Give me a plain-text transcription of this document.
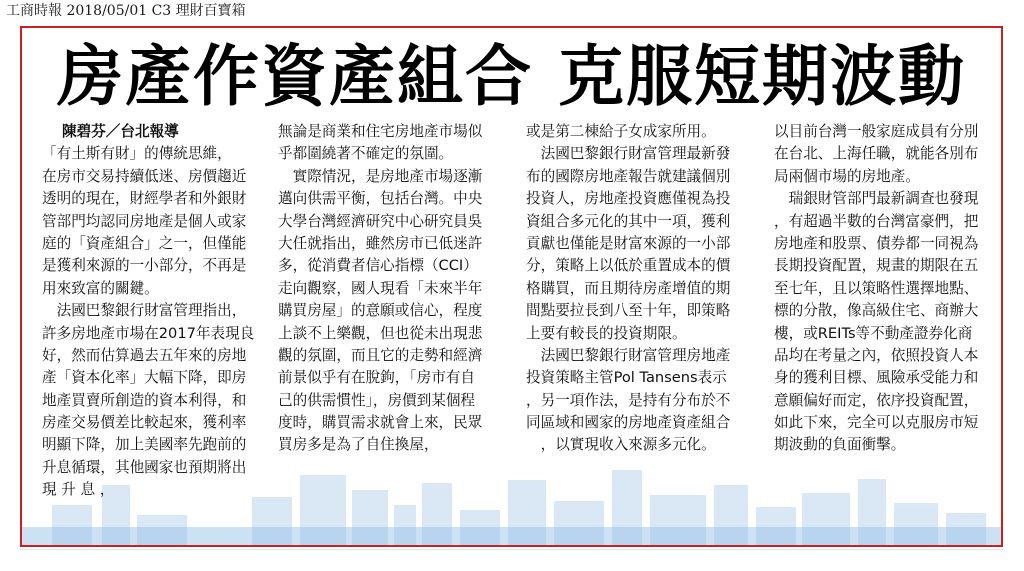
工商時報 2018/05/01 C3 理財百寶箱
房產作資產組合 克服短期波動
陳碧芬／台北報導
「有土斯有財」的傳統思維，
在房市交易持續低迷、房價趨近
透明的現在，財經學者和外銀財
管部門均認同房地產是個人或家
庭的「資產組合」之一，但僅能
是獲利來源的一小部分，不再是
用來致富的關鍵。
　法國巴黎銀行財富管理指出，
許多房地產市場在2017年表現良
好，然而估算過去五年來的房地
產「資本化率」大幅下降，即房
地產買賣所創造的資本利得，和
房產交易價差比較起來，獲利率
明顯下降，加上美國率先跑前的
升息循環，其他國家也預期將出
現 升 息 ，
無論是商業和住宅房地產市場似
乎都圍繞著不確定的氛圍。
　實際情況，是房地產市場逐漸
邁向供需平衡，包括台灣。中央
大學台灣經濟研究中心研究員吳
大任就指出，雖然房市已低迷許
多，從消費者信心指標（CCI）
走向觀察，國人現看「未來半年
購買房屋」的意願或信心，程度
上談不上樂觀，但也從未出現悲
觀的氛圍，而且它的走勢和經濟
前景似乎有在脫鉤，「房市有自
己的供需慣性」，房價到某個程
度時，購買需求就會上來，民眾
買房多是為了自住換屋，
或是第二棟給子女成家所用。
　法國巴黎銀行財富管理最新發
布的國際房地產報告就建議個別
投資人，房地產投資應僅視為投
資組合多元化的其中一項，獲利
貢獻也僅能是財富來源的一小部
分，策略上以低於重置成本的價
格購買，而且期待房產增值的期
間點要拉長到八至十年，即策略
上要有較長的投資期限。
　法國巴黎銀行財富管理房地產
投資策略主管Pol Tansens表示
，另一項作法，是持有分布於不
同區域和國家的房地產資產組合
　，以實現收入來源多元化。
以目前台灣一般家庭成員有分別
在台北、上海任職，就能各別布
局兩個市場的房地產。
　瑞銀財管部門最新調查也發現
，有超過半數的台灣富豪們，把
房地產和股票、債券都一同視為
長期投資配置，規畫的期限在五
至七年，且以策略性選擇地點、
標的分散，像高級住宅、商辦大
樓，或REITs等不動產證券化商
品均在考量之內，依照投資人本
身的獲利目標、風險承受能力和
意願偏好而定，依序投資配置，
如此下來，完全可以克服房市短
期波動的負面衝擊。
